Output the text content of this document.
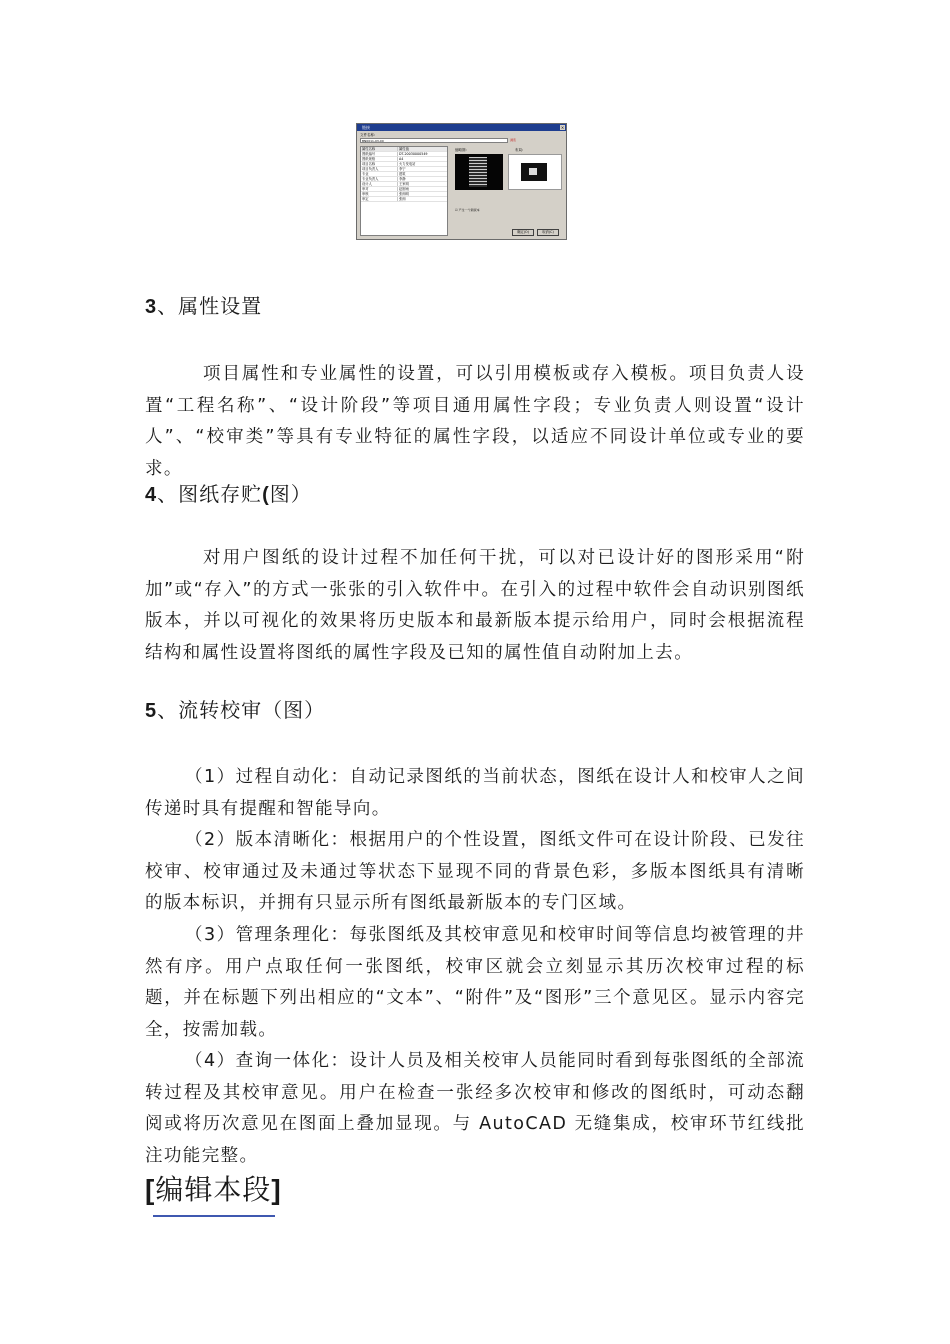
链接	×
文件名称:
BN0011-03-00	浏览
属性名称	属性值
图纸编号	DT-20030000549
图纸规格	A4
项目名称	火力发电站
项目负责人	李宁
专业	建筑
专业负责人	李静
设计人	王家明
审对	赵刚雨
审核	张朗明
审定	张朗
缩略图:	布局:
☑ 产生一个新版本
确定(O)	取消(C)
3、属性设置

项目属性和专业属性的设置，可以引用模板或存入模板。项目负责人设置“工程名称”、“设计阶段”等项目通用属性字段；专业负责人则设置“设计人”、“校审类”等具有专业特征的属性字段，以适应不同设计单位或专业的要求。

4、图纸存贮(图）

对用户图纸的设计过程不加任何干扰，可以对已设计好的图形采用“附加”或“存入”的方式一张张的引入软件中。在引入的过程中软件会自动识别图纸版本，并以可视化的效果将历史版本和最新版本提示给用户，同时会根据流程结构和属性设置将图纸的属性字段及已知的属性值自动附加上去。

5、流转校审（图）

（1）过程自动化：自动记录图纸的当前状态，图纸在设计人和校审人之间传递时具有提醒和智能导向。

（2）版本清晰化：根据用户的个性设置，图纸文件可在设计阶段、已发往校审、校审通过及未通过等状态下显现不同的背景色彩，多版本图纸具有清晰的版本标识，并拥有只显示所有图纸最新版本的专门区域。

（3）管理条理化：每张图纸及其校审意见和校审时间等信息均被管理的井然有序。用户点取任何一张图纸，校审区就会立刻显示其历次校审过程的标题，并在标题下列出相应的“文本”、“附件”及“图形”三个意见区。显示内容完全，按需加载。

（4）查询一体化：设计人员及相关校审人员能同时看到每张图纸的全部流转过程及其校审意见。用户在检查一张经多次校审和修改的图纸时，可动态翻阅或将历次意见在图面上叠加显现。与 AutoCAD 无缝集成，校审环节红线批注功能完整。

[编辑本段]
